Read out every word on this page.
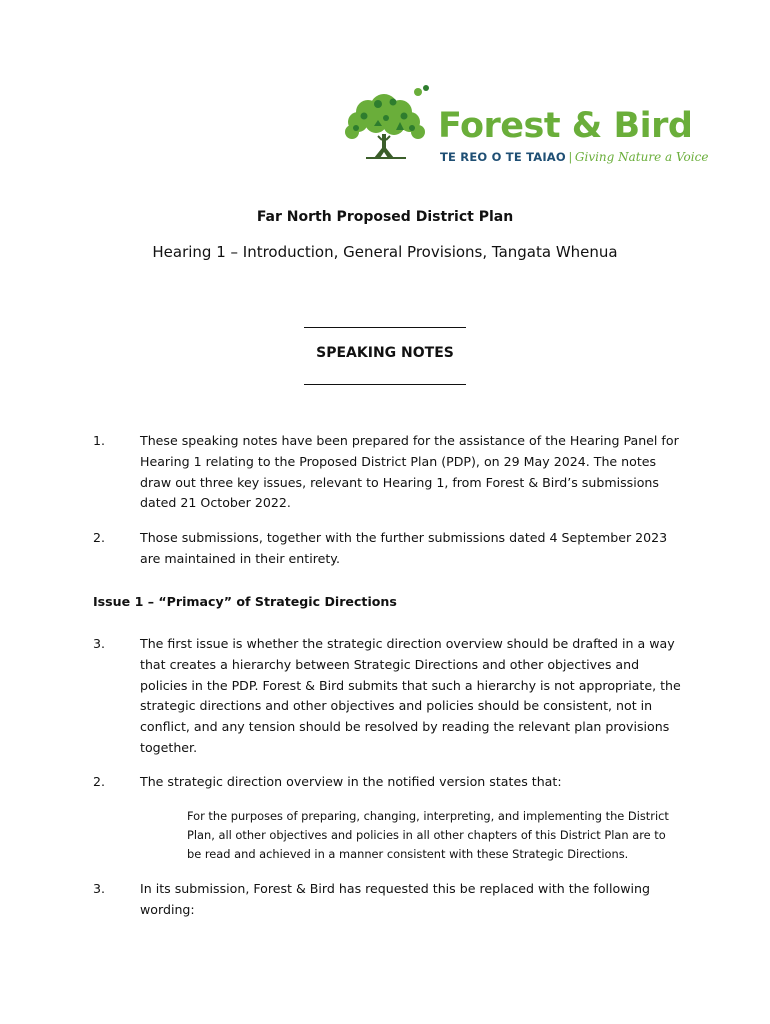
Forest & Bird
TE REO O TE TAIAO | Giving Nature a Voice
Far North Proposed District Plan
Hearing 1 – Introduction, General Provisions, Tangata Whenua
SPEAKING NOTES
1.	These speaking notes have been prepared for the assistance of the Hearing Panel for Hearing 1 relating to the Proposed District Plan (PDP), on 29 May 2024. The notes draw out three key issues, relevant to Hearing 1, from Forest & Bird’s submissions dated 21 October 2022.
2.	Those submissions, together with the further submissions dated 4 September 2023 are maintained in their entirety.
Issue 1 – “Primacy” of Strategic Directions
3.	The first issue is whether the strategic direction overview should be drafted in a way that creates a hierarchy between Strategic Directions and other objectives and policies in the PDP. Forest & Bird submits that such a hierarchy is not appropriate, the strategic directions and other objectives and policies should be consistent, not in conflict, and any tension should be resolved by reading the relevant plan provisions together.
2.	The strategic direction overview in the notified version states that:
For the purposes of preparing, changing, interpreting, and implementing the District Plan, all other objectives and policies in all other chapters of this District Plan are to be read and achieved in a manner consistent with these Strategic Directions.
3.	In its submission, Forest & Bird has requested this be replaced with the following wording:
